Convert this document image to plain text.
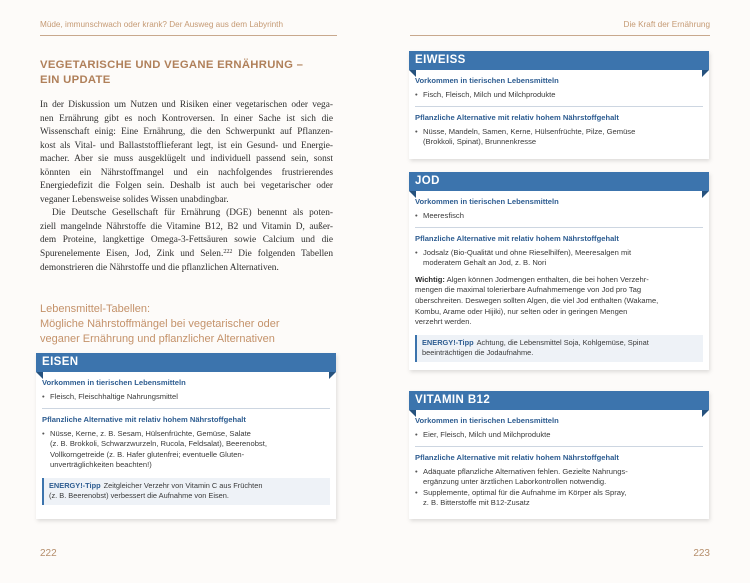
Müde, immunschwach oder krank? Der Ausweg aus dem Labyrinth
VEGETARISCHE UND VEGANE ERNÄHRUNG –
EIN UPDATE
In der Diskussion um Nutzen und Risiken einer vegetarischen oder vega-
nen Ernährung gibt es noch Kontroversen. In einer Sache ist sich die
Wissenschaft einig: Eine Ernährung, die den Schwerpunkt auf Pflanzen-
kost als Vital- und Ballaststofflieferant legt, ist ein Gesund- und Energie-
macher. Aber sie muss ausgeklügelt und individuell passend sein, sonst
könnten ein Nährstoffmangel und ein nachfolgendes frustrierendes
Energiedefizit die Folgen sein. Deshalb ist auch bei vegetarischer oder
veganer Lebensweise solides Wissen unabdingbar.
Die Deutsche Gesellschaft für Ernährung (DGE) benennt als poten-
ziell mangelnde Nährstoffe die Vitamine B12, B2 und Vitamin D, außer-
dem Proteine, langkettige Omega-3-Fettsäuren sowie Calcium und die
Spurenelemente Eisen, Jod, Zink und Selen.$^{222}$ Die folgenden Tabellen
demonstrieren die Nährstoffe und die pflanzlichen Alternativen.
Lebensmittel-Tabellen:
Mögliche Nährstoffmängel bei vegetarischer oder
veganer Ernährung und pflanzlicher Alternativen
EISEN
Vorkommen in tierischen Lebensmitteln
• Fleisch, Fleischhaltige Nahrungsmittel
Pflanzliche Alternative mit relativ hohem Nährstoffgehalt
• Nüsse, Kerne, z. B. Sesam, Hülsenfrüchte, Gemüse, Salate
(z. B. Brokkoli, Schwarzwurzeln, Rucola, Feldsalat), Beerenobst,
Vollkorngetreide (z. B. Hafer glutenfrei; eventuelle Gluten-
unverträglichkeiten beachten!)
ENERGY!-Tipp Zeitgleicher Verzehr von Vitamin C aus Früchten
(z. B. Beerenobst) verbessert die Aufnahme von Eisen.
222
Die Kraft der Ernährung
EIWEISS
Vorkommen in tierischen Lebensmitteln
• Fisch, Fleisch, Milch und Milchprodukte
Pflanzliche Alternative mit relativ hohem Nährstoffgehalt
• Nüsse, Mandeln, Samen, Kerne, Hülsenfrüchte, Pilze, Gemüse
(Brokkoli, Spinat), Brunnenkresse
JOD
Vorkommen in tierischen Lebensmitteln
• Meeresfisch
Pflanzliche Alternative mit relativ hohem Nährstoffgehalt
• Jodsalz (Bio-Qualität und ohne Rieselhilfen), Meeresalgen mit
moderatem Gehalt an Jod, z. B. Nori
Wichtig: Algen können Jodmengen enthalten, die bei hohen Verzehr-
mengen die maximal tolerierbare Aufnahmemenge von Jod pro Tag
überschreiten. Deswegen sollten Algen, die viel Jod enthalten (Wakame,
Kombu, Arame oder Hijiki), nur selten oder in geringen Mengen
verzehrt werden.
ENERGY!-Tipp Achtung, die Lebensmittel Soja, Kohlgemüse, Spinat
beeinträchtigen die Jodaufnahme.
VITAMIN B12
Vorkommen in tierischen Lebensmitteln
• Eier, Fleisch, Milch und Milchprodukte
Pflanzliche Alternative mit relativ hohem Nährstoffgehalt
• Adäquate pflanzliche Alternativen fehlen. Gezielte Nahrungs-
ergänzung unter ärztlichen Laborkontrollen notwendig.
• Supplemente, optimal für die Aufnahme im Körper als Spray,
z. B. Bitterstoffe mit B12-Zusatz
223
